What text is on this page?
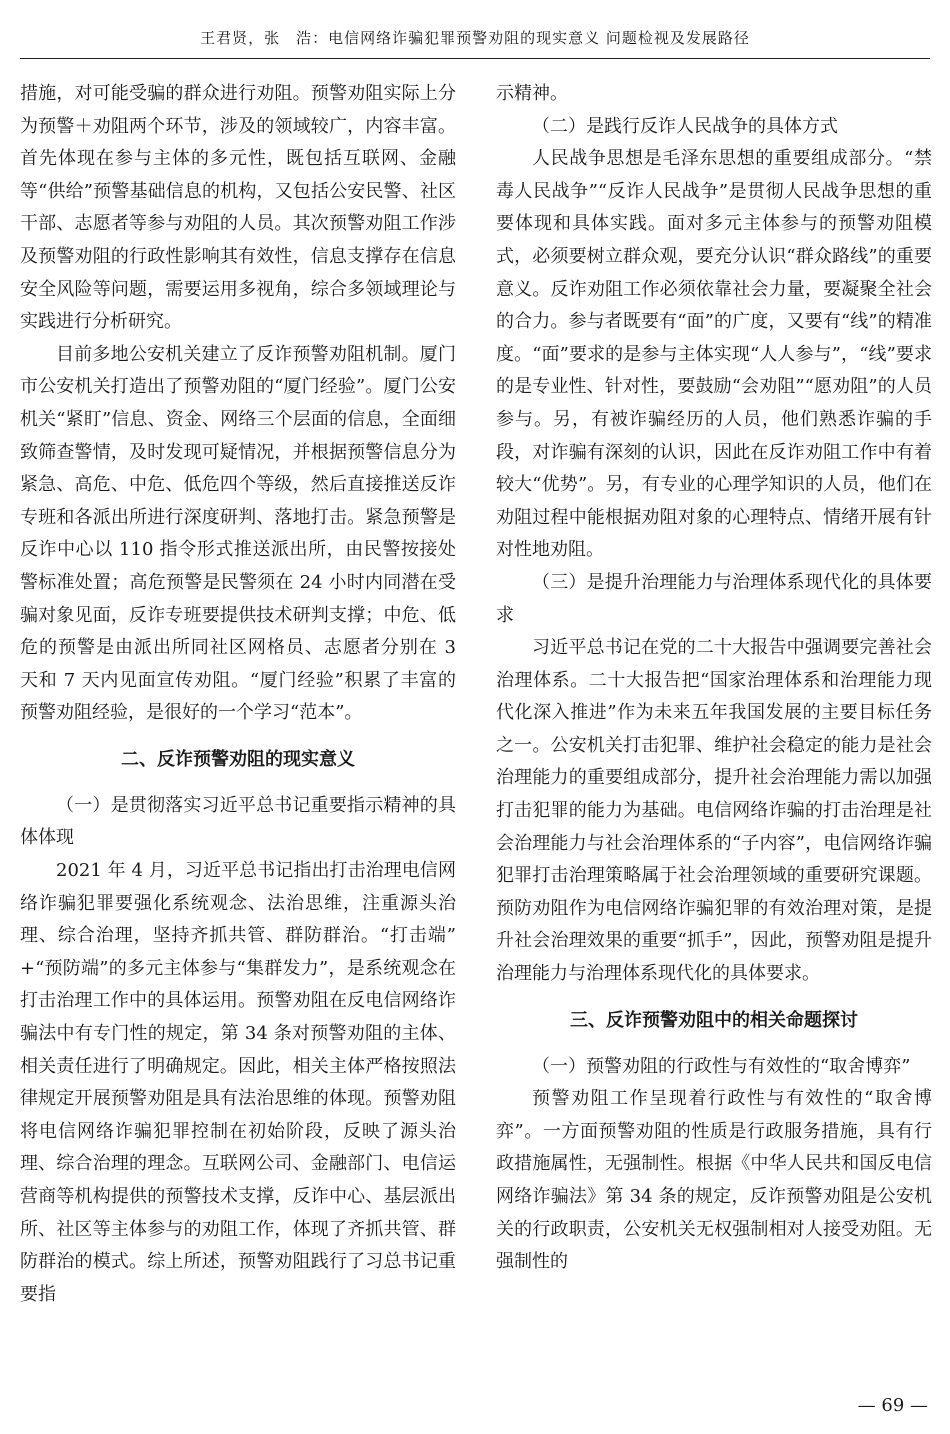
王君贤，张　浩：电信网络诈骗犯罪预警劝阻的现实意义 问题检视及发展路径

措施，对可能受骗的群众进行劝阻。预警劝阻实际上分为预警＋劝阻两个环节，涉及的领域较广，内容丰富。首先体现在参与主体的多元性，既包括互联网、金融等“供给”预警基础信息的机构，又包括公安民警、社区干部、志愿者等参与劝阻的人员。其次预警劝阻工作涉及预警劝阻的行政性影响其有效性，信息支撑存在信息安全风险等问题，需要运用多视角，综合多领域理论与实践进行分析研究。

目前多地公安机关建立了反诈预警劝阻机制。厦门市公安机关打造出了预警劝阻的“厦门经验”。厦门公安机关“紧盯”信息、资金、网络三个层面的信息，全面细致筛查警情，及时发现可疑情况，并根据预警信息分为紧急、高危、中危、低危四个等级，然后直接推送反诈专班和各派出所进行深度研判、落地打击。紧急预警是反诈中心以 110 指令形式推送派出所，由民警按接处警标准处置；高危预警是民警须在 24 小时内同潜在受骗对象见面，反诈专班要提供技术研判支撑；中危、低危的预警是由派出所同社区网格员、志愿者分别在 3 天和 7 天内见面宣传劝阻。“厦门经验”积累了丰富的预警劝阻经验，是很好的一个学习“范本”。

二、反诈预警劝阻的现实意义

（一）是贯彻落实习近平总书记重要指示精神的具体体现

2021 年 4 月，习近平总书记指出打击治理电信网络诈骗犯罪要强化系统观念、法治思维，注重源头治理、综合治理，坚持齐抓共管、群防群治。“打击端” +“预防端”的多元主体参与“集群发力”，是系统观念在打击治理工作中的具体运用。预警劝阻在反电信网络诈骗法中有专门性的规定，第 34 条对预警劝阻的主体、相关责任进行了明确规定。因此，相关主体严格按照法律规定开展预警劝阻是具有法治思维的体现。预警劝阻将电信网络诈骗犯罪控制在初始阶段，反映了源头治理、综合治理的理念。互联网公司、金融部门、电信运营商等机构提供的预警技术支撑，反诈中心、基层派出所、社区等主体参与的劝阻工作，体现了齐抓共管、群防群治的模式。综上所述，预警劝阻践行了习总书记重要指

示精神。

（二）是践行反诈人民战争的具体方式

人民战争思想是毛泽东思想的重要组成部分。“禁毒人民战争”“反诈人民战争”是贯彻人民战争思想的重要体现和具体实践。面对多元主体参与的预警劝阻模式，必须要树立群众观，要充分认识“群众路线”的重要意义。反诈劝阻工作必须依靠社会力量，要凝聚全社会的合力。参与者既要有“面”的广度，又要有“线”的精准度。“面”要求的是参与主体实现“人人参与”，“线”要求的是专业性、针对性，要鼓励“会劝阻”“愿劝阻”的人员参与。另，有被诈骗经历的人员，他们熟悉诈骗的手段，对诈骗有深刻的认识，因此在反诈劝阻工作中有着较大“优势”。另，有专业的心理学知识的人员，他们在劝阻过程中能根据劝阻对象的心理特点、情绪开展有针对性地劝阻。

（三）是提升治理能力与治理体系现代化的具体要求

习近平总书记在党的二十大报告中强调要完善社会治理体系。二十大报告把“国家治理体系和治理能力现代化深入推进”作为未来五年我国发展的主要目标任务之一。公安机关打击犯罪、维护社会稳定的能力是社会治理能力的重要组成部分，提升社会治理能力需以加强打击犯罪的能力为基础。电信网络诈骗的打击治理是社会治理能力与社会治理体系的“子内容”，电信网络诈骗犯罪打击治理策略属于社会治理领域的重要研究课题。预防劝阻作为电信网络诈骗犯罪的有效治理对策，是提升社会治理效果的重要“抓手”，因此，预警劝阻是提升治理能力与治理体系现代化的具体要求。

三、反诈预警劝阻中的相关命题探讨

（一）预警劝阻的行政性与有效性的“取舍博弈”

预警劝阻工作呈现着行政性与有效性的“取舍博弈”。一方面预警劝阻的性质是行政服务措施，具有行政措施属性，无强制性。根据《中华人民共和国反电信网络诈骗法》第 34 条的规定，反诈预警劝阻是公安机关的行政职责，公安机关无权强制相对人接受劝阻。无强制性的

— 69 —
